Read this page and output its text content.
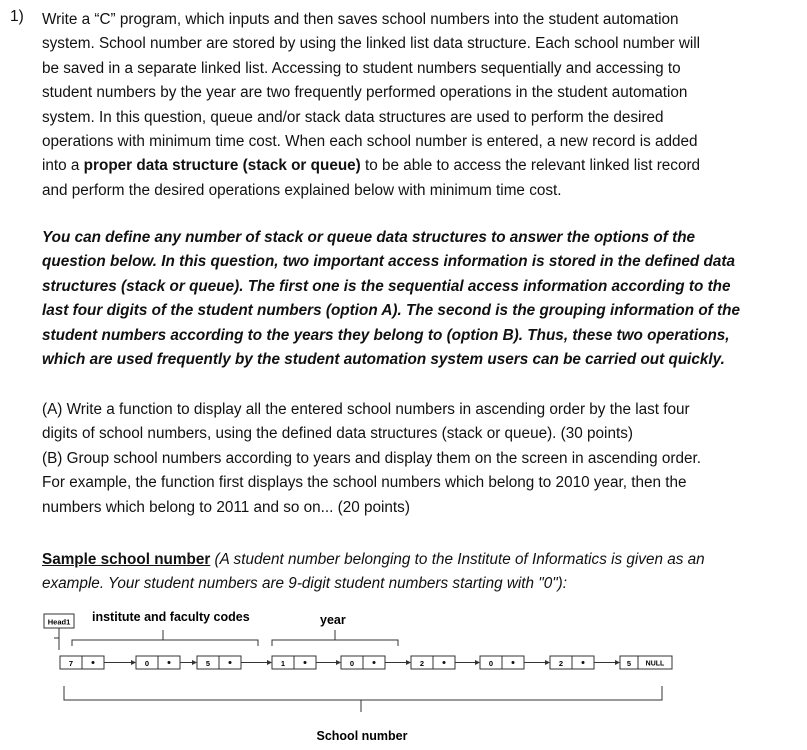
1) Write a “C” program, which inputs and then saves school numbers into the student automation
system. School number are stored by using the linked list data structure. Each school number will
be saved in a separate linked list. Accessing to student numbers sequentially and accessing to
student numbers by the year are two frequently performed operations in the student automation
system. In this question, queue and/or stack data structures are used to perform the desired
operations with minimum time cost. When each school number is entered, a new record is added
into a proper data structure (stack or queue) to be able to access the relevant linked list record
and perform the desired operations explained below with minimum time cost.
You can define any number of stack or queue data structures to answer the options of the
question below. In this question, two important access information is stored in the defined data
structures (stack or queue). The first one is the sequential access information according to the
last four digits of the student numbers (option A). The second is the grouping information of the
student numbers according to the years they belong to (option B). Thus, these two operations,
which are used frequently by the student automation system users can be carried out quickly.
(A) Write a function to display all the entered school numbers in ascending order by the last four
digits of school numbers, using the defined data structures (stack or queue). (30 points)
(B) Group school numbers according to years and display them on the screen in ascending order.
For example, the function first displays the school numbers which belong to 2010 year, then the
numbers which belong to 2011 and so on... (20 points)
Sample school number (A student number belonging to the Institute of Informatics is given as an
example. Your student numbers are 9-digit student numbers starting with "0"):
Head1 institute and faculty codes	year
7	0	5	1	0	2	0	2	5 NULL
School number
